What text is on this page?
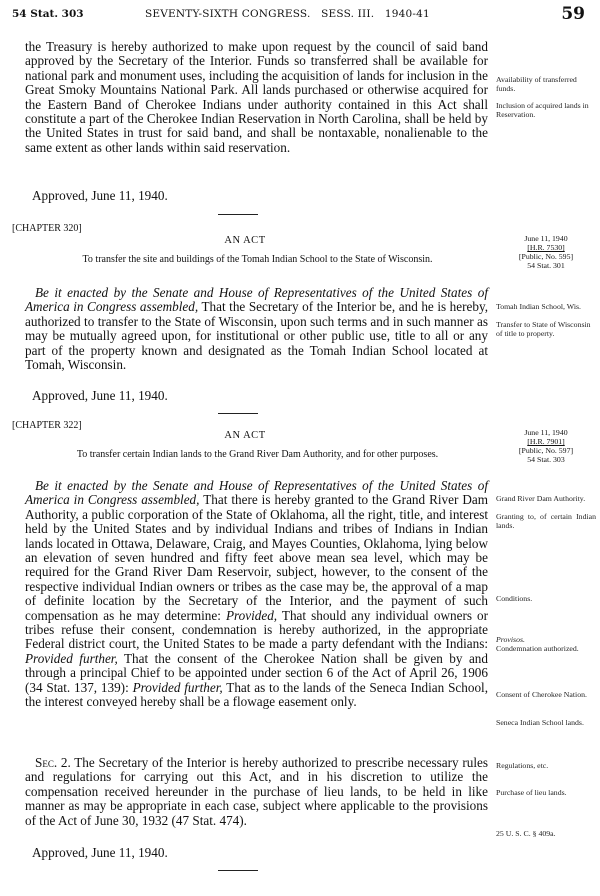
54 Stat. 303	SEVENTY-SIXTH CONGRESS.   SESS. III.   1940-41	59
the Treasury is hereby authorized to make upon request by the council of said band approved by the Secretary of the Interior. Funds so transferred shall be available for national park and monument uses, including the acquisition of lands for inclusion in the Great Smoky Mountains National Park. All lands purchased or otherwise acquired for the Eastern Band of Cherokee Indians under authority contained in this Act shall constitute a part of the Cherokee Indian Reservation in North Carolina, shall be held by the United States in trust for said band, and shall be nontaxable, nonalienable to the same extent as other lands within said reservation.
Approved, June 11, 1940.
Availability of transferred funds.
Inclusion of acquired lands in Reservation.
[CHAPTER 320]
AN ACT
To transfer the site and buildings of the Tomah Indian School to the State of Wisconsin.
June 11, 1940
[H.R. 7530]
[Public, No. 595]
54 Stat. 301
Be it enacted by the Senate and House of Representatives of the United States of America in Congress assembled, That the Secretary of the Interior be, and he is hereby, authorized to transfer to the State of Wisconsin, upon such terms and in such manner as may be mutually agreed upon, for institutional or other public use, title to all or any part of the property known and designated as the Tomah Indian School located at Tomah, Wisconsin.
Approved, June 11, 1940.
Tomah Indian School, Wis.
Transfer to State of Wisconsin of title to property.
[CHAPTER 322]
AN ACT
To transfer certain Indian lands to the Grand River Dam Authority, and for other purposes.
June 11, 1940
[H.R. 7901]
[Public, No. 597]
54 Stat. 303
Be it enacted by the Senate and House of Representatives of the United States of America in Congress assembled, That there is hereby granted to the Grand River Dam Authority, a public corporation of the State of Oklahoma, all the right, title, and interest held by the United States and by individual Indians and tribes of Indians in Indian lands located in Ottawa, Delaware, Craig, and Mayes Counties, Oklahoma, lying below an elevation of seven hundred and fifty feet above mean sea level, which may be required for the Grand River Dam Reservoir, subject, however, to the consent of the respective individual Indian owners or tribes as the case may be, the approval of a map of definite location by the Secretary of the Interior, and the payment of such compensation as he may determine: Provided, That should any individual owners or tribes refuse their consent, condemnation is hereby authorized, in the appropriate Federal district court, the United States to be made a party defendant with the Indians: Provided further, That the consent of the Cherokee Nation shall be given by and through a principal Chief to be appointed under section 6 of the Act of April 26, 1906 (34 Stat. 137, 139): Provided further, That as to the lands of the Seneca Indian School, the interest conveyed hereby shall be a flowage easement only.
Sec. 2. The Secretary of the Interior is hereby authorized to prescribe necessary rules and regulations for carrying out this Act, and in his discretion to utilize the compensation received hereunder in the purchase of lieu lands, to be held in like manner as may be appropriate in each case, subject where applicable to the provisions of the Act of June 30, 1932 (47 Stat. 474).
Approved, June 11, 1940.
Grand River Dam Authority.
Granting to, of certain Indian lands.
Conditions.
Provisos.
Condemnation authorized.
Consent of Cherokee Nation.
Seneca Indian School lands.
Regulations, etc.
Purchase of lieu lands.
25 U. S. C. § 409a.
